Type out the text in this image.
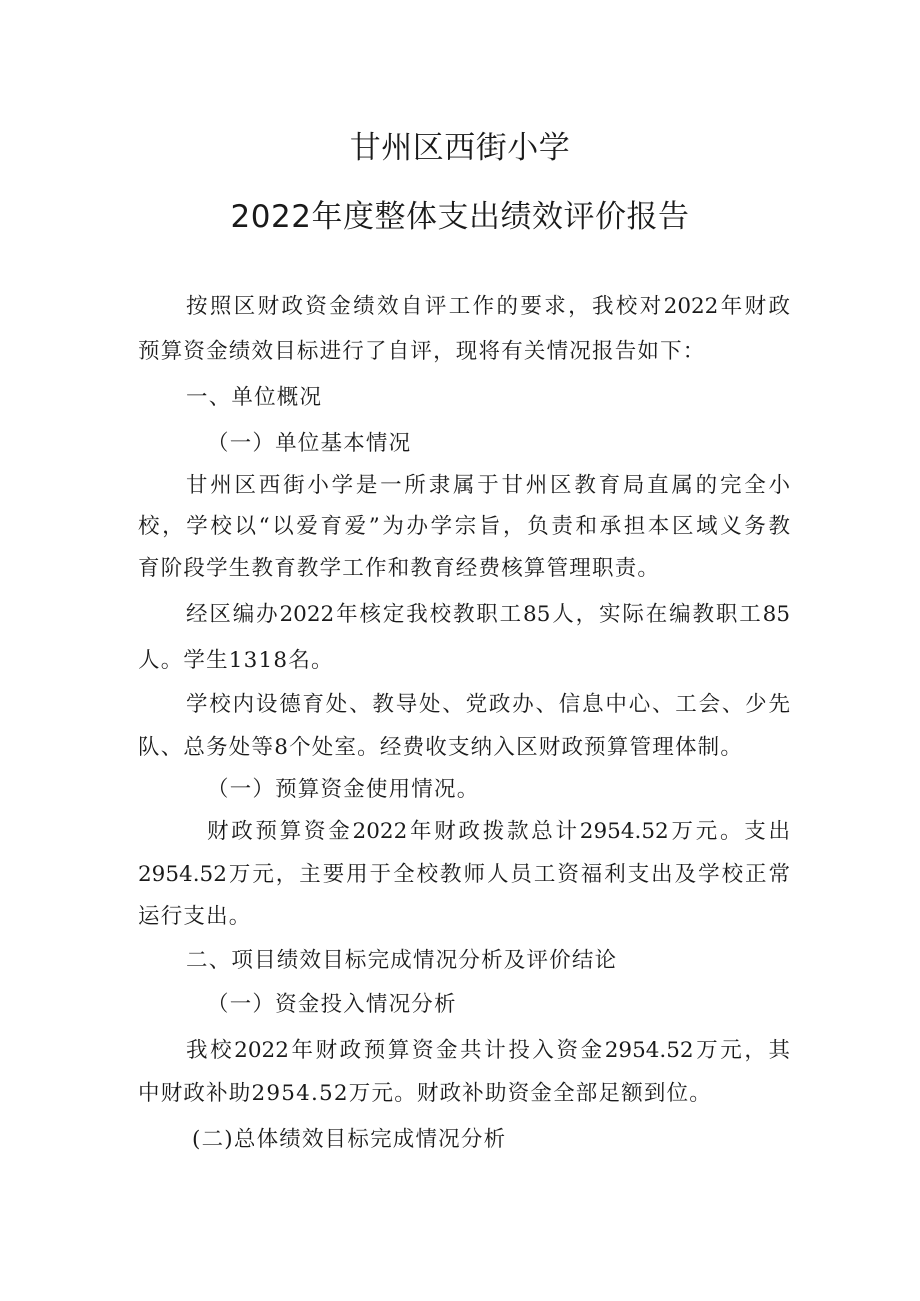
甘州区西街小学
2022年度整体支出绩效评价报告
按照区财政资金绩效自评工作的要求，我校对2022年财政
预算资金绩效目标进行了自评，现将有关情况报告如下：
一、单位概况
（一）单位基本情况
甘州区西街小学是一所隶属于甘州区教育局直属的完全小
校，学校以“以爱育爱”为办学宗旨，负责和承担本区域义务教
育阶段学生教育教学工作和教育经费核算管理职责。
经区编办2022年核定我校教职工85人，实际在编教职工85
人。学生1318名。
学校内设德育处、教导处、党政办、信息中心、工会、少先
队、总务处等8个处室。经费收支纳入区财政预算管理体制。
（一）预算资金使用情况。
财政预算资金2022年财政拨款总计2954.52万元。支出
2954.52万元，主要用于全校教师人员工资福利支出及学校正常
运行支出。
二、项目绩效目标完成情况分析及评价结论
（一）资金投入情况分析
我校2022年财政预算资金共计投入资金2954.52万元，其
中财政补助2954.52万元。财政补助资金全部足额到位。
(二)总体绩效目标完成情况分析
